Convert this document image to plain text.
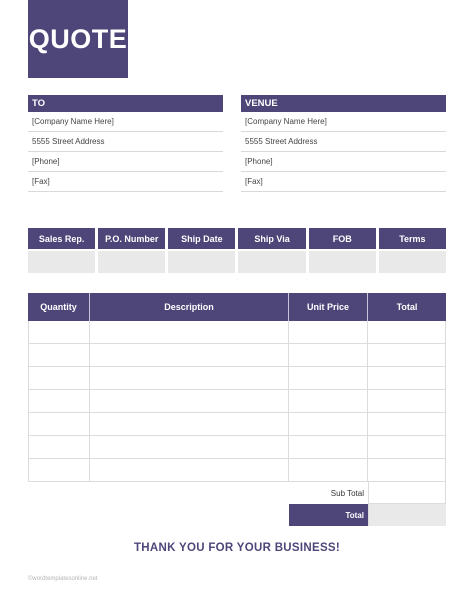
QUOTE
TO
[Company Name Here]
5555 Street Address
[Phone]
[Fax]
VENUE
[Company Name Here]
5555 Street Address
[Phone]
[Fax]
Sales Rep.	P.O. Number	Ship Date	Ship Via	FOB	Terms
Quantity	Description	Unit Price	Total
Sub Total
Total
THANK YOU FOR YOUR BUSINESS!
©wordtemplatesonline.net
